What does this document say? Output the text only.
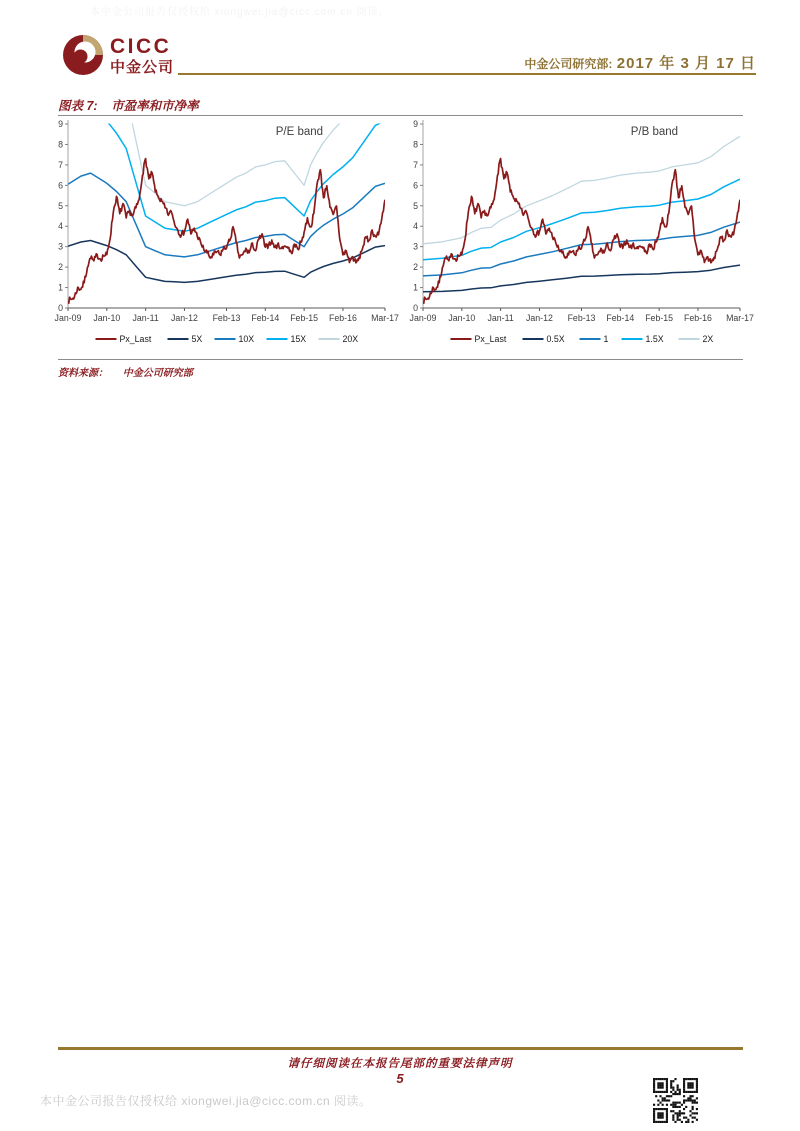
本中金公司报告仅授权给 xiongwei.jia@cicc.com.cn 阅读。
CICC
中金公司	中金公司研究部: 2017 年 3 月 17 日
图表 7: 市盈率和市净率
0
1
2
3
4
5
6
7
8
9
Jan-09 Jan-10 Jan-11 Jan-12 Feb-13 Feb-14 Feb-15 Feb-16 Mar-17
P/E band
Px_Last	5X	10X	15X	20X
0
1
2
3
4
5
6
7
8
9
Jan-09 Jan-10 Jan-11 Jan-12 Feb-13 Feb-14 Feb-15 Feb-16 Mar-17
P/B band
Px_Last	0.5X	1	1.5X	2X
资料来源： 中金公司研究部
请仔细阅读在本报告尾部的重要法律声明
5
本中金公司报告仅授权给 xiongwei.jia@cicc.com.cn 阅读。
